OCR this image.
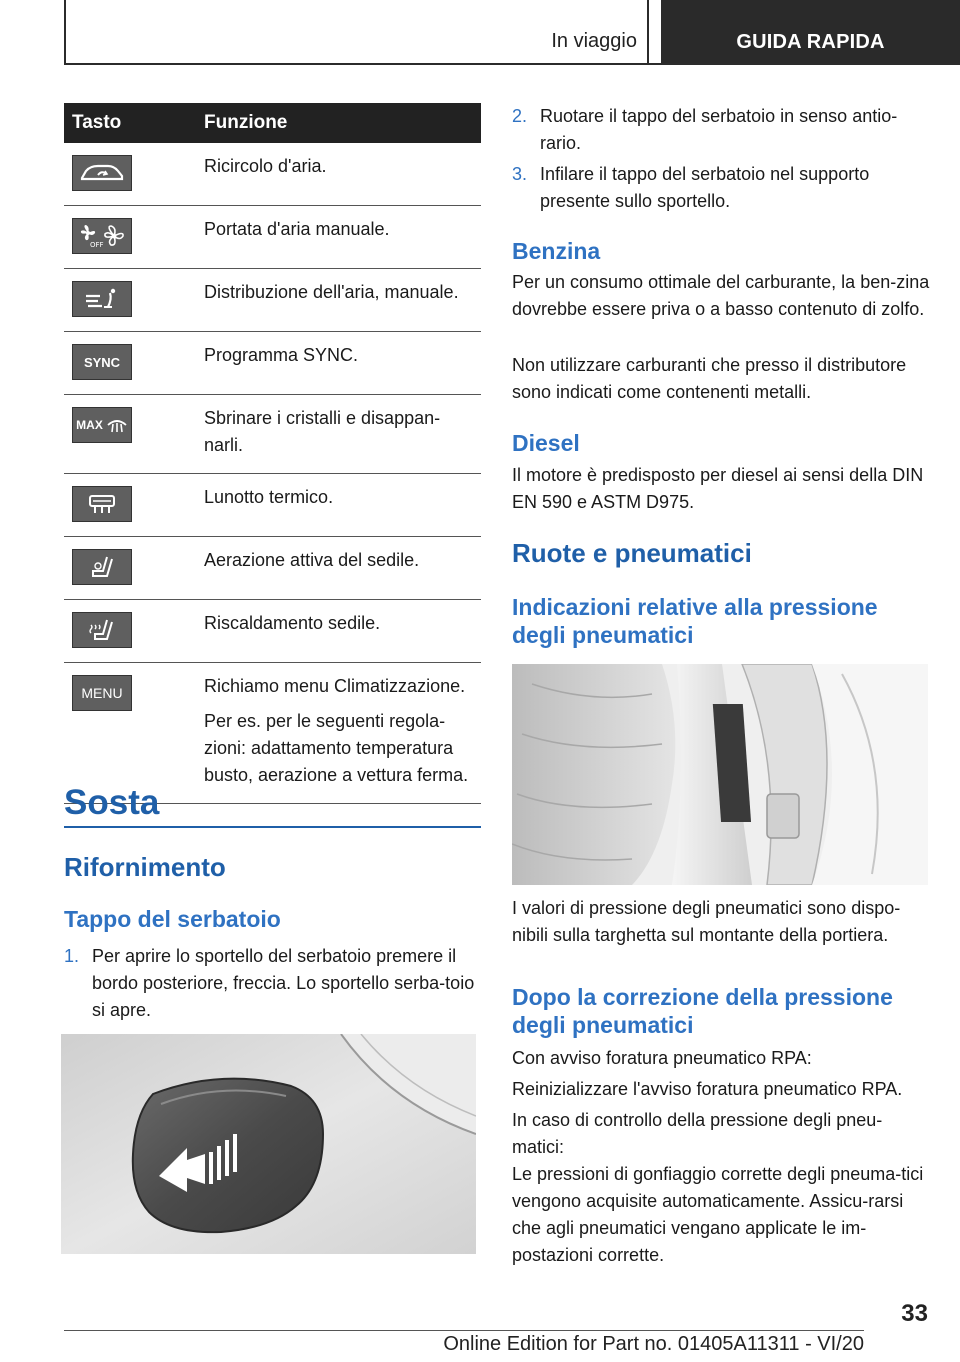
In viaggio	GUIDA RAPIDA
Tasto	Funzione

Ricircolo d'aria.

OFF	Portata d'aria manuale.

Distribuzione dell'aria, manuale.

SYNC	Programma SYNC.

MAX	Sbrinare i cristalli e disappan-narli.

Lunotto termico.

Aerazione attiva del sedile.

Riscaldamento sedile.

MENU	Richiamo menu Climatizzazione.

Per es. per le seguenti regola-zioni: adattamento temperatura busto, aerazione a vettura ferma.

Sosta
Rifornimento
Tappo del serbatoio
1. Per aprire lo sportello del serbatoio premere il bordo posteriore, freccia. Lo sportello serba-toio si apre.
2. Ruotare il tappo del serbatoio in senso antio-rario.
3. Infilare il tappo del serbatoio nel supporto presente sullo sportello.
Benzina
Per un consumo ottimale del carburante, la ben-zina dovrebbe essere priva o a basso contenuto di zolfo.
Non utilizzare carburanti che presso il distributore sono indicati come contenenti metalli.
Diesel
Il motore è predisposto per diesel ai sensi della DIN EN 590 e ASTM D975.
Ruote e pneumatici
Indicazioni relative alla pressione degli pneumatici
I valori di pressione degli pneumatici sono dispo-nibili sulla targhetta sul montante della portiera.
Dopo la correzione della pressione degli pneumatici
Con avviso foratura pneumatico RPA:
Reinizializzare l'avviso foratura pneumatico RPA.
In caso di controllo della pressione degli pneu-matici:
Le pressioni di gonfiaggio corrette degli pneuma-tici vengono acquisite automaticamente. Assicu-rarsi che agli pneumatici vengano applicate le im-postazioni corrette.
33
Online Edition for Part no. 01405A11311 - VI/20
